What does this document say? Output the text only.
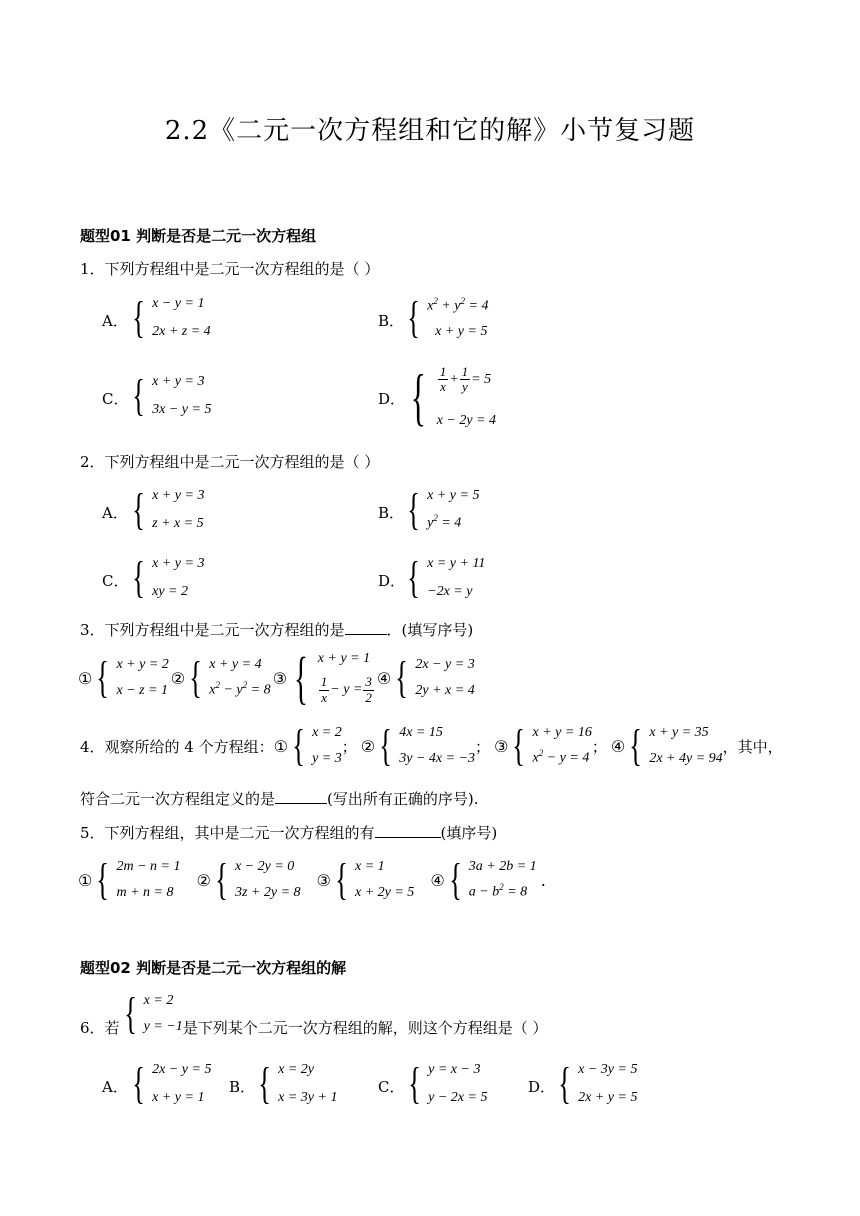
2.2《二元一次方程组和它的解》小节复习题
题型01 判断是否是二元一次方程组
1．下列方程组中是二元一次方程组的是（ ）
A． { x − y = 1
2x + z = 4
B． { $x^2 + y^2 = 4$
x + y = 5
C． { x + y = 3
3x − y = 5
D． { $\frac{1}{x} + \frac{1}{y} = 5$
x − 2y = 4
2．下列方程组中是二元一次方程组的是（ ）
A． { x + y = 3
z + x = 5
B． { x + y = 5
$y^2 = 4$
C． { x + y = 3
xy = 2
D． { x = y + 11
−2x = y
3．下列方程组中是二元一次方程组的是	．(填写序号)
① { x + y = 2
x − z = 1
② { x + y = 4
$x^2 - y^2 = 8$
③ { x + y = 1
$\frac{1}{x} - y = \frac{3}{2}$ ④ { 2x − y = 3
2y + x = 4
4．观察所给的 4 个方程组： ① { x = 2
y = 3
； ② { 4x = 15
3y − 4x = −3
； ③ { x + y = 16
$x^2 - y = 4$
； ④ { x + y = 35
2x + 4y = 94
，其中，
符合二元一次方程组定义的是	(写出所有正确的序号).
5．下列方程组，其中是二元一次方程组的有	(填序号)
① { 2m − n = 1
m + n = 8
② { x − 2y = 0
3z + 2y = 8
③ { x = 1
x + 2y = 5
④ { 3a + 2b = 1
$a - b^2 = 8$
.
题型02 判断是否是二元一次方程组的解
6．若 { x = 2
y = −1 是下列某个二元一次方程组的解，则这个方程组是（ ）
A． { 2x − y = 5
x + y = 1
B． { x = 2y
x = 3y + 1
C． { y = x − 3
y − 2x = 5
D． { x − 3y = 5
2x + y = 5
